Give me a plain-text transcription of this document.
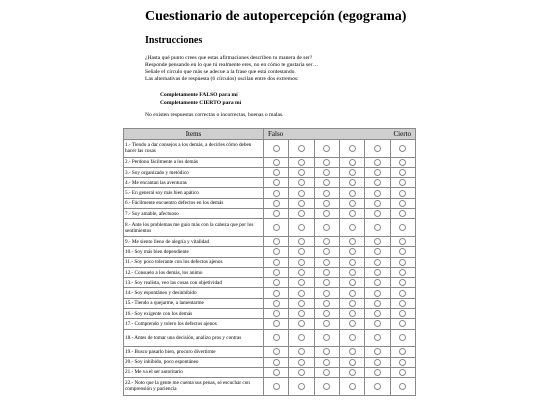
Cuestionario de autopercepción (egograma)
Instrucciones
¿Hasta qué punto crees que estas afirmaciones describen tu manera de ser?
Responde pensando en lo que tú realmente eres, no en cómo te gustaría ser…
Señale el círculo que más se adecue a la frase que está contestando.
Las alternativas de respuesta (6 círculos) oscilan entre dos extremos:
Completamente FALSO para mí
Completamente CIERTO para mí
No existen respuestas correctas o incorrectas, buenas o malas.
Items	Falso Cierto					

1.- Tiendo a dar consejos a los demás, a decirles cómo deben hacer las cosas						
2.- Perdono fácilmente a los demás						
3.- Soy organizado y metódico						
4.- Me encantan las aventuras						
5.- En general soy más bien apático						
6.- Fácilmente encuentro defectos en los demás						
7.- Soy amable, afectuoso						
8.- Ante los problemas me guío más con la cabeza que por los sentimientos						
9.- Me siento lleno de alegría y vitalidad						
10.- Soy más bien dependiente						
11.- Soy poco tolerante con los defectos ajenos						
12.- Consuelo a los demás, los animo						
13.- Soy realista, veo las cosas con objetividad						
14.- Soy espontáneo y desinhibido						
15.- Tiendo a quejarme, a lamentarme						
16.- Soy exigente con los demás						
17.- Comprendo y tolero los defectos ajenos						
18.- Antes de tomar una decisión, analizo pros y contras						
19.- Busco pasarlo bien, procuro divertirme						
20.- Soy inhibido, poco espontáneo						
21.- Me va el ser autoritario						
22.- Noto que la gente me cuenta sus penas, sé escuchar con comprensión y paciencia						
